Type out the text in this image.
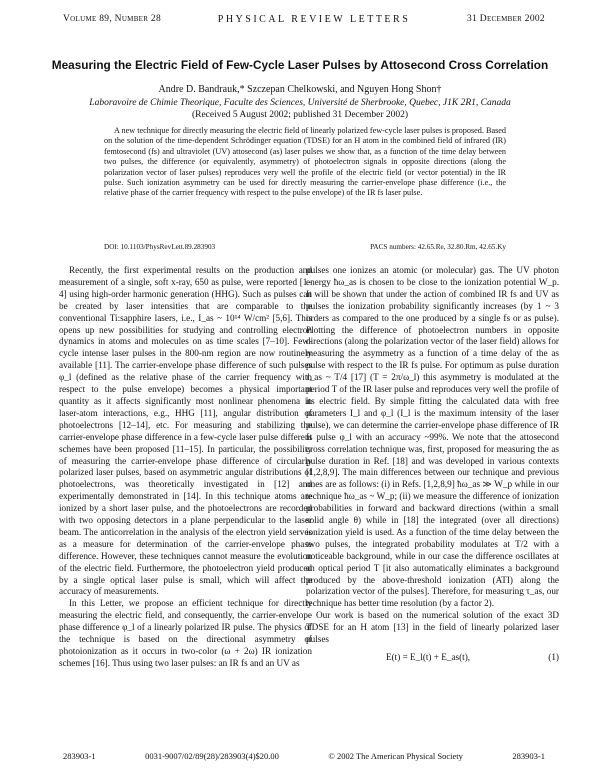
Volume 89, Number 28	PHYSICAL REVIEW LETTERS	31 December 2002
Measuring the Electric Field of Few-Cycle Laser Pulses by Attosecond Cross Correlation
Andre D. Bandrauk,* Szczepan Chelkowski, and Nguyen Hong Shon†
Laboravoire de Chimie Theorique, Faculte des Sciences, Université de Sherbrooke, Quebec, J1K 2R1, Canada
(Received 5 August 2002; published 31 December 2002)
A new technique for directly measuring the electric field of linearly polarized few-cycle laser pulses is proposed. Based on the solution of the time-dependent Schrödinger equation (TDSE) for an H atom in the combined field of infrared (IR) femtosecond (fs) and ultraviolet (UV) attosecond (as) laser pulses we show that, as a function of the time delay between two pulses, the difference (or equivalently, asymmetry) of photoelectron signals in opposite directions (along the polarization vector of laser pulses) reproduces very well the profile of the electric field (or vector potential) in the IR pulse. Such ionization asymmetry can be used for directly measuring the carrier-envelope phase difference (i.e., the relative phase of the carrier frequency with respect to the pulse envelope) of the IR fs laser pulse.
DOI: 10.1103/PhysRevLett.89.283903	PACS numbers: 42.65.Re, 32.80.Rm, 42.65.Ky

Recently, the first experimental results on the production and measurement of a single, soft x-ray, 650 as pulse, were reported [1–4] using high-order harmonic generation (HHG). Such as pulses can be created by laser intensities that are comparable to the conventional Ti:sapphire lasers, i.e., I_as ~ 10¹⁴ W/cm² [5,6]. This opens up new possibilities for studying and controlling electron dynamics in atoms and molecules on as time scales [7–10]. Few-cycle intense laser pulses in the 800-nm region are now routinely available [11]. The carrier-envelope phase difference of such pulses φ_l (defined as the relative phase of the carrier frequency with respect to the pulse envelope) becomes a physical important quantity as it affects significantly most nonlinear phenomena in laser-atom interactions, e.g., HHG [11], angular distribution of photoelectrons [12–14], etc. For measuring and stabilizing the carrier-envelope phase difference in a few-cycle laser pulse different schemes have been proposed [11–15]. In particular, the possibility of measuring the carrier-envelope phase difference of circularly polarized laser pulses, based on asymmetric angular distributions of photoelectrons, was theoretically investigated in [12] and experimentally demonstrated in [14]. In this technique atoms are ionized by a short laser pulse, and the photoelectrons are recorded with two opposing detectors in a plane perpendicular to the laser beam. The anticorrelation in the analysis of the electron yield serves as a measure for determination of the carrier-envelope phase difference. However, these techniques cannot measure the evolution of the electric field. Furthermore, the photoelectron yield produced by a single optical laser pulse is small, which will affect the accuracy of measurements.

In this Letter, we propose an efficient technique for directly measuring the electric field, and consequently, the carrier-envelope phase difference φ_l of a linearly polarized IR pulse. The physics of the technique is based on the directional asymmetry of photoionization as it occurs in two-color (ω + 2ω) IR ionization schemes [16]. Thus using two laser pulses: an IR fs and an UV as

pulses one ionizes an atomic (or molecular) gas. The UV photon energy ħω_as is chosen to be close to the ionization potential W_p. It will be shown that under the action of combined IR fs and UV as pulses the ionization probability significantly increases (by 1 ~ 3 orders as compared to the one produced by a single fs or as pulse). Plotting the difference of photoelectron numbers in opposite directions (along the polarization vector of the laser field) allows for measuring the asymmetry as a function of a time delay of the as pulse with respect to the IR fs pulse. For optimum as pulse duration τ_as ~ T/4 [17] (T = 2π/ω_l) this asymmetry is modulated at the period T of the IR laser pulse and reproduces very well the profile of its electric field. By simple fitting the calculated data with free parameters I_l and φ_l (I_l is the maximum intensity of the laser pulse), we can determine the carrier-envelope phase difference of IR fs pulse φ_l with an accuracy ~99%. We note that the attosecond cross correlation technique was, first, proposed for measuring the as pulse duration in Ref. [18] and was developed in various contexts [1,2,8,9]. The main differences between our technique and previous ones are as follows: (i) in Refs. [1,2,8,9] ħω_as ≫ W_p while in our technique ħω_as ~ W_p; (ii) we measure the difference of ionization probabilities in forward and backward directions (within a small solid angle θ) while in [18] the integrated (over all directions) ionization yield is used. As a function of the time delay between the two pulses, the integrated probability modulates at T/2 with a noticeable background, while in our case the difference oscillates at an optical period T [it also automatically eliminates a background produced by the above-threshold ionization (ATI) along the polarization vector of the pulses]. Therefore, for measuring τ_as, our technique has better time resolution (by a factor 2).

Our work is based on the numerical solution of the exact 3D TDSE for an H atom [13] in the field of linearly polarized laser pulses

E(t) = E_l(t) + E_as(t),	(1)
283903-1	0031-9007/02/89(28)/283903(4)$20.00	© 2002 The American Physical Society	283903-1
